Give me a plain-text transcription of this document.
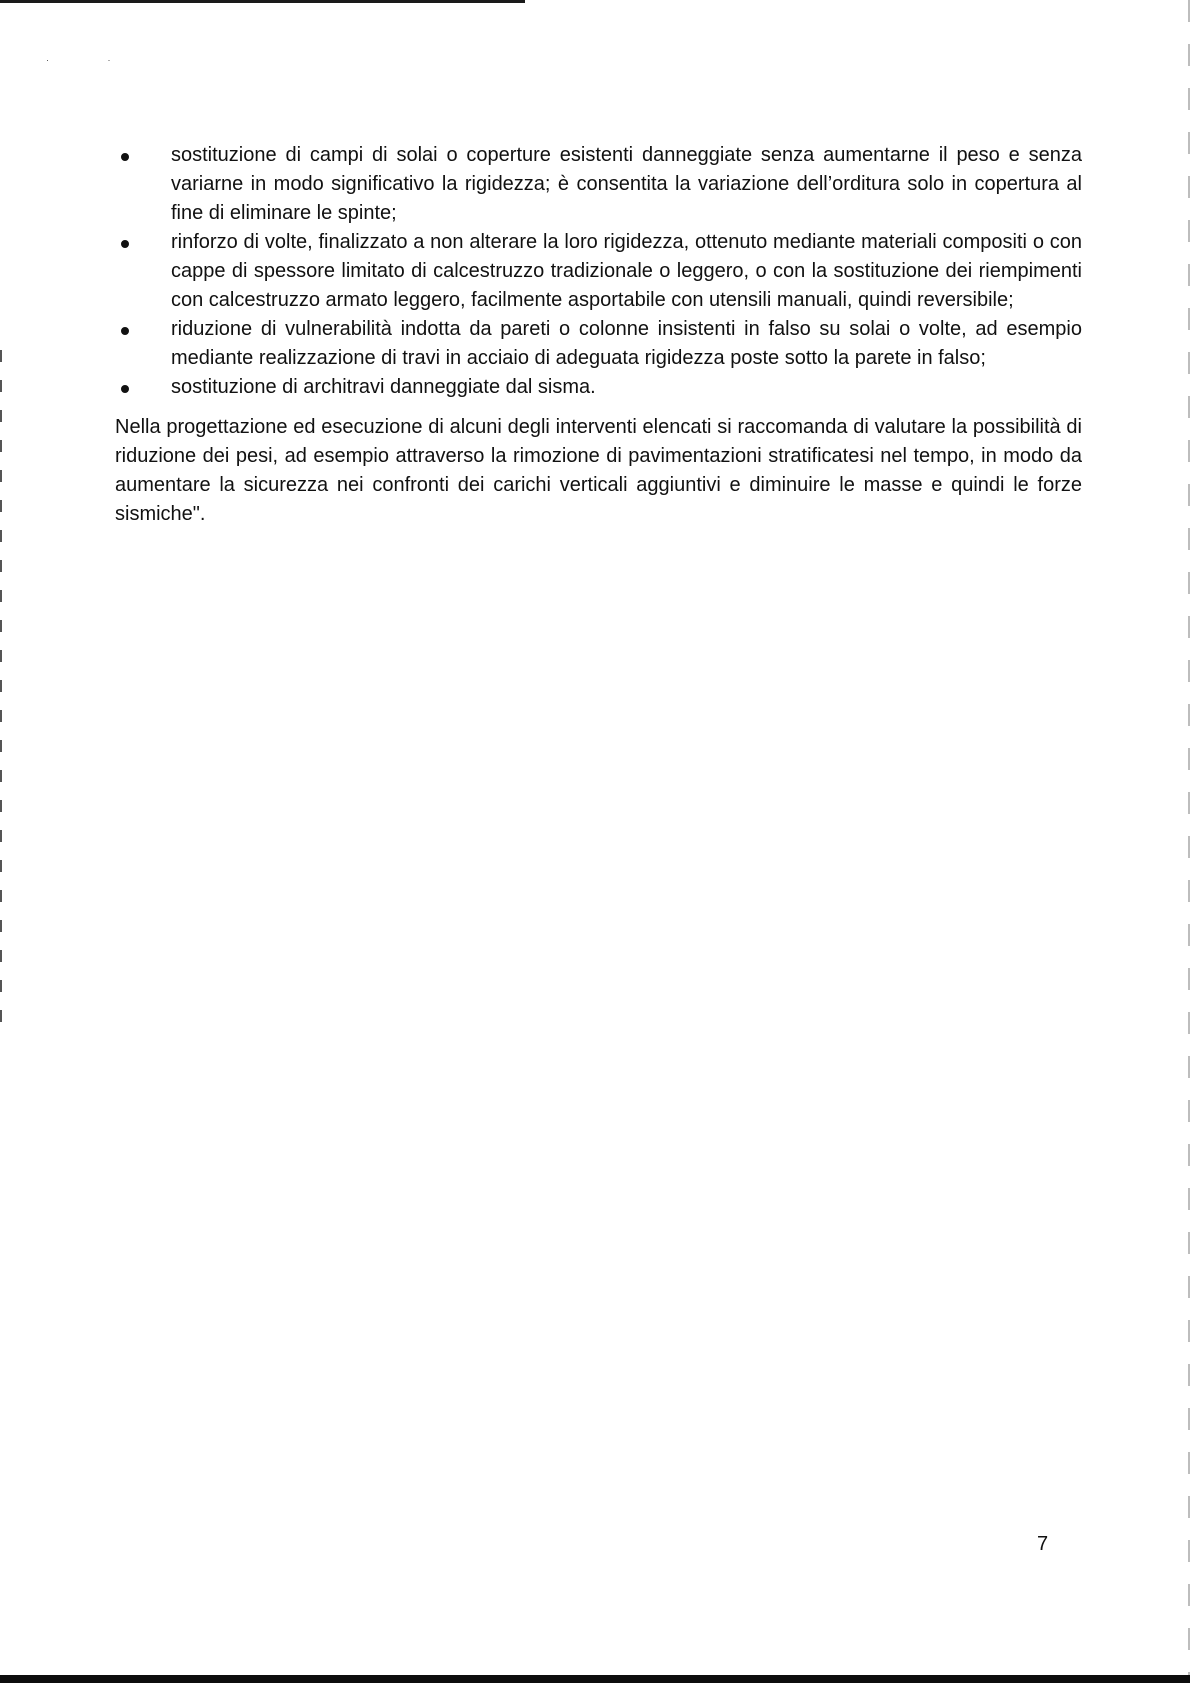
· ·
sostituzione di campi di solai o coperture esistenti danneggiate senza aumentarne il peso e senza variarne in modo significativo la rigidezza; è consentita la variazione dell’orditura solo in copertura al fine di eliminare le spinte;
rinforzo di volte, finalizzato a non alterare la loro rigidezza, ottenuto mediante materiali compositi o con cappe di spessore limitato di calcestruzzo tradizionale o leggero, o con la sostituzione dei riempimenti con calcestruzzo armato leggero, facilmente asportabile con utensili manuali, quindi reversibile;
riduzione di vulnerabilità indotta da pareti o colonne insistenti in falso su solai o volte, ad esempio mediante realizzazione di travi in acciaio di adeguata rigidezza poste sotto la parete in falso;
sostituzione di architravi danneggiate dal sisma.

Nella progettazione ed esecuzione di alcuni degli interventi elencati si raccomanda di valutare la possibilità di riduzione dei pesi, ad esempio attraverso la rimozione di pavimentazioni stratificatesi nel tempo, in modo da aumentare la sicurezza nei confronti dei carichi verticali aggiuntivi e diminuire le masse e quindi le forze sismiche".

7
